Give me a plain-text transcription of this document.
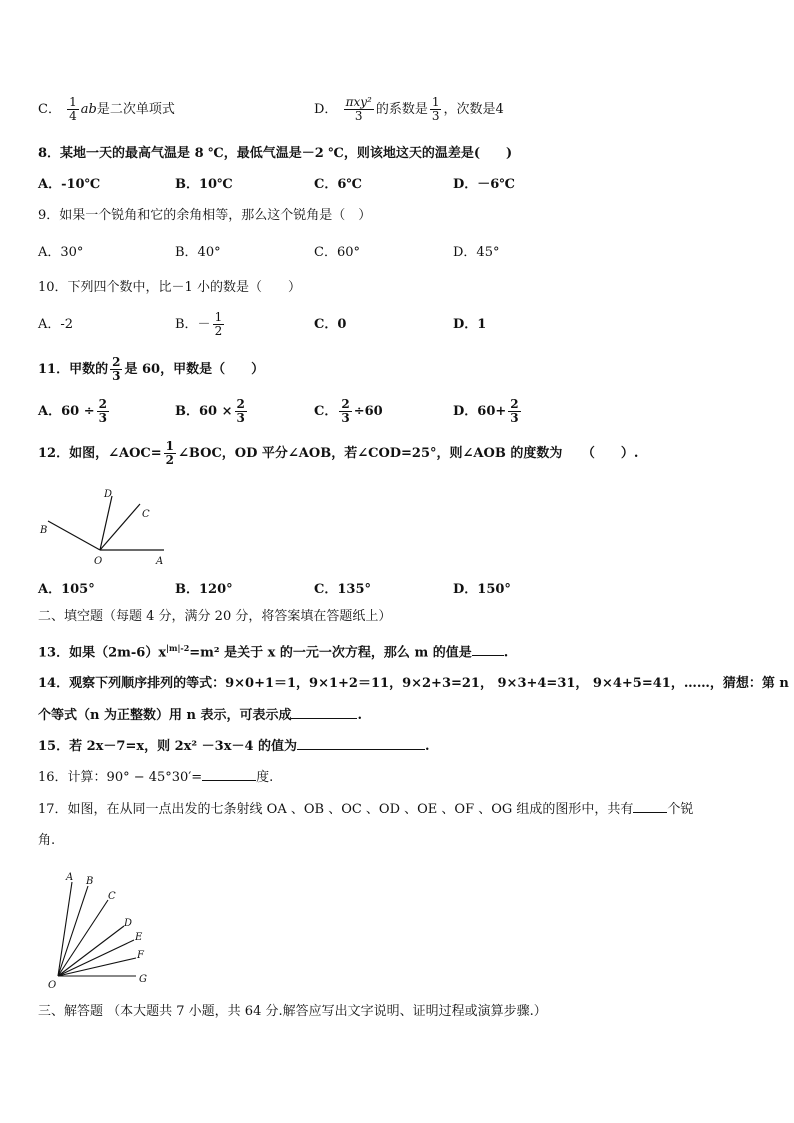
C． $\frac{1}{4}$ ab是二次单项式	D． $\frac{\text{πxy²}}{3}$ 的系数是 $\frac{1}{3}$ ，次数是4
8．某地一天的最高气温是 8 ℃，最低气温是－2 ℃，则该地这天的温差是(　　)
A．-10℃	B．10℃	C．6℃	D．－6℃
9．如果一个锐角和它的余角相等，那么这个锐角是（　）
A．30°	B．40°	C．60°	D．45°
10．下列四个数中，比－1 小的数是（　　）
A．-2	B．－ $\frac{1}{2}$	C．0	D．1
11．甲数的 $\frac{2}{3}$ 是 60，甲数是（　　）
A．$60 \div \frac{2}{3}$	B．$60 \times \frac{2}{3}$	C． $\frac{2}{3} \div 60$	D．$60+ \frac{2}{3}$
12．如图，∠AOC= $\frac{1}{2}$ ∠BOC，OD 平分∠AOB，若∠COD=25°，则∠AOB 的度数为　　（　　）.
A
B
C
D
O
A．105°	B．120°	C．135°	D．150°
二、填空题（每题 4 分，满分 20 分，将答案填在答题纸上）
13．如果$(2m-6)x^{|m|-2}=m^2$ 是关于 x 的一元一次方程，那么 m 的值是 .
14．观察下列顺序排列的等式：9×0+1＝1，9×1+2＝11，9×2+3=21， 9×3+4=31， 9×4+5=41，……，猜想：第 n
个等式（n 为正整数）用 n 表示，可表示成	.
15．若 2x－7=x，则 2x² －3x－4 的值为	.
16．计算：90° − 45°30′=	度.
17．如图，在从同一点出发的七条射线 OA 、OB 、OC 、OD 、OE 、OF 、OG 组成的图形中，共有	个锐
角.
A B
C
D
E
F
G
O
三、解答题 （本大题共 7 小题，共 64 分.解答应写出文字说明、证明过程或演算步骤.）
